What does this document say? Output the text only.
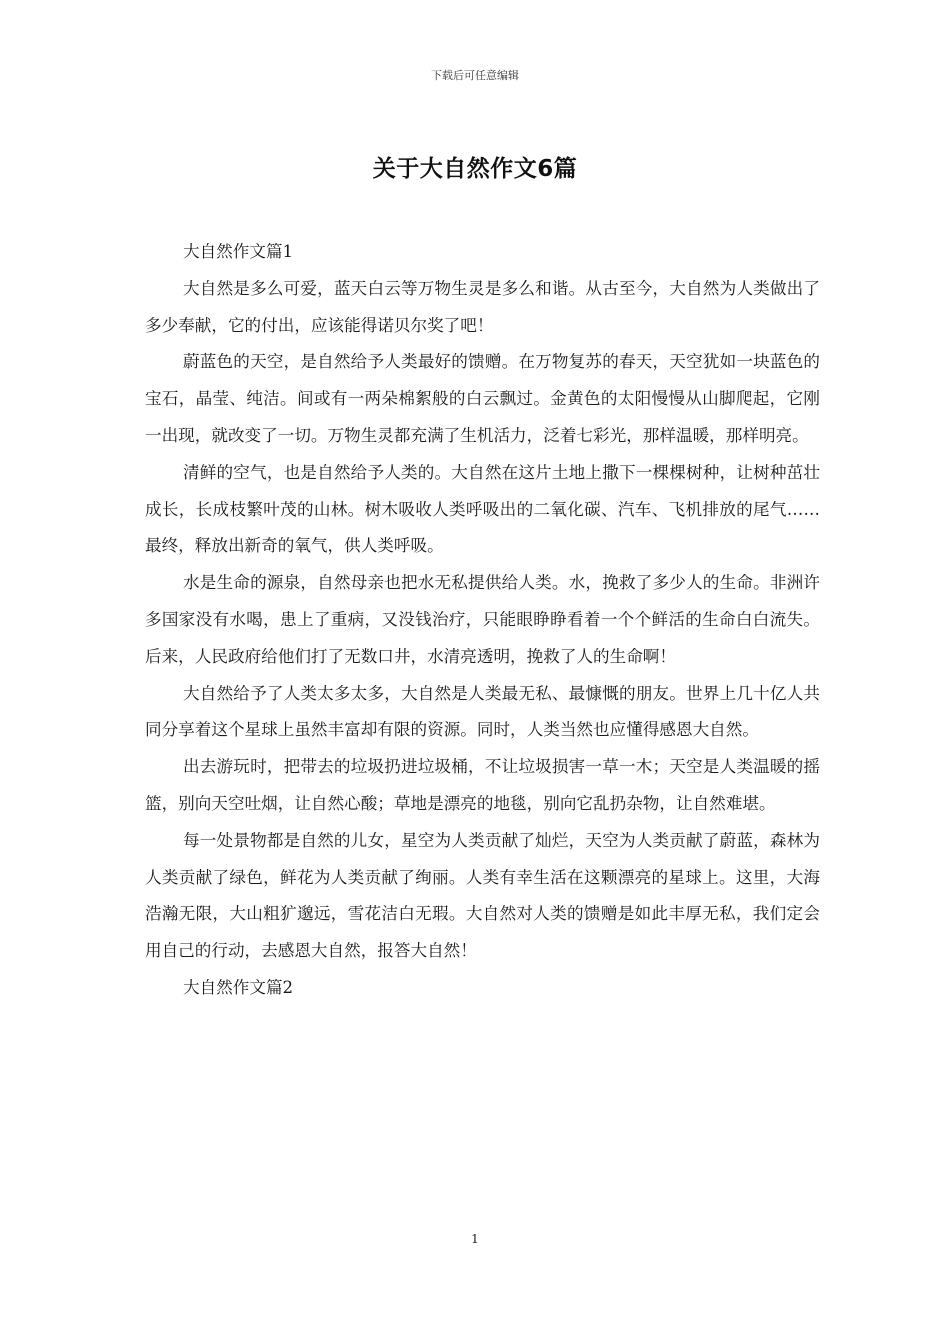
下载后可任意编辑
关于大自然作文6篇

大自然作文篇1

大自然是多么可爱，蓝天白云等万物生灵是多么和谐。从古至今，大自然为人类做出了多少奉献，它的付出，应该能得诺贝尔奖了吧！

蔚蓝色的天空，是自然给予人类最好的馈赠。在万物复苏的春天，天空犹如一块蓝色的宝石，晶莹、纯洁。间或有一两朵棉絮般的白云飘过。金黄色的太阳慢慢从山脚爬起，它刚一出现，就改变了一切。万物生灵都充满了生机活力，泛着七彩光，那样温暖，那样明亮。

清鲜的空气，也是自然给予人类的。大自然在这片土地上撒下一棵棵树种，让树种茁壮成长，长成枝繁叶茂的山林。树木吸收人类呼吸出的二氧化碳、汽车、飞机排放的尾气……最终，释放出新奇的氧气，供人类呼吸。

水是生命的源泉，自然母亲也把水无私提供给人类。水，挽救了多少人的生命。非洲许多国家没有水喝，患上了重病，又没钱治疗，只能眼睁睁看着一个个鲜活的生命白白流失。后来，人民政府给他们打了无数口井，水清亮透明，挽救了人的生命啊！

大自然给予了人类太多太多，大自然是人类最无私、最慷慨的朋友。世界上几十亿人共同分享着这个星球上虽然丰富却有限的资源。同时，人类当然也应懂得感恩大自然。

出去游玩时，把带去的垃圾扔进垃圾桶，不让垃圾损害一草一木；天空是人类温暖的摇篮，别向天空吐烟，让自然心酸；草地是漂亮的地毯，别向它乱扔杂物，让自然难堪。

每一处景物都是自然的儿女，星空为人类贡献了灿烂，天空为人类贡献了蔚蓝，森林为人类贡献了绿色，鲜花为人类贡献了绚丽。人类有幸生活在这颗漂亮的星球上。这里，大海浩瀚无限，大山粗犷邈远，雪花洁白无瑕。大自然对人类的馈赠是如此丰厚无私，我们定会用自己的行动，去感恩大自然，报答大自然！

大自然作文篇2

1
